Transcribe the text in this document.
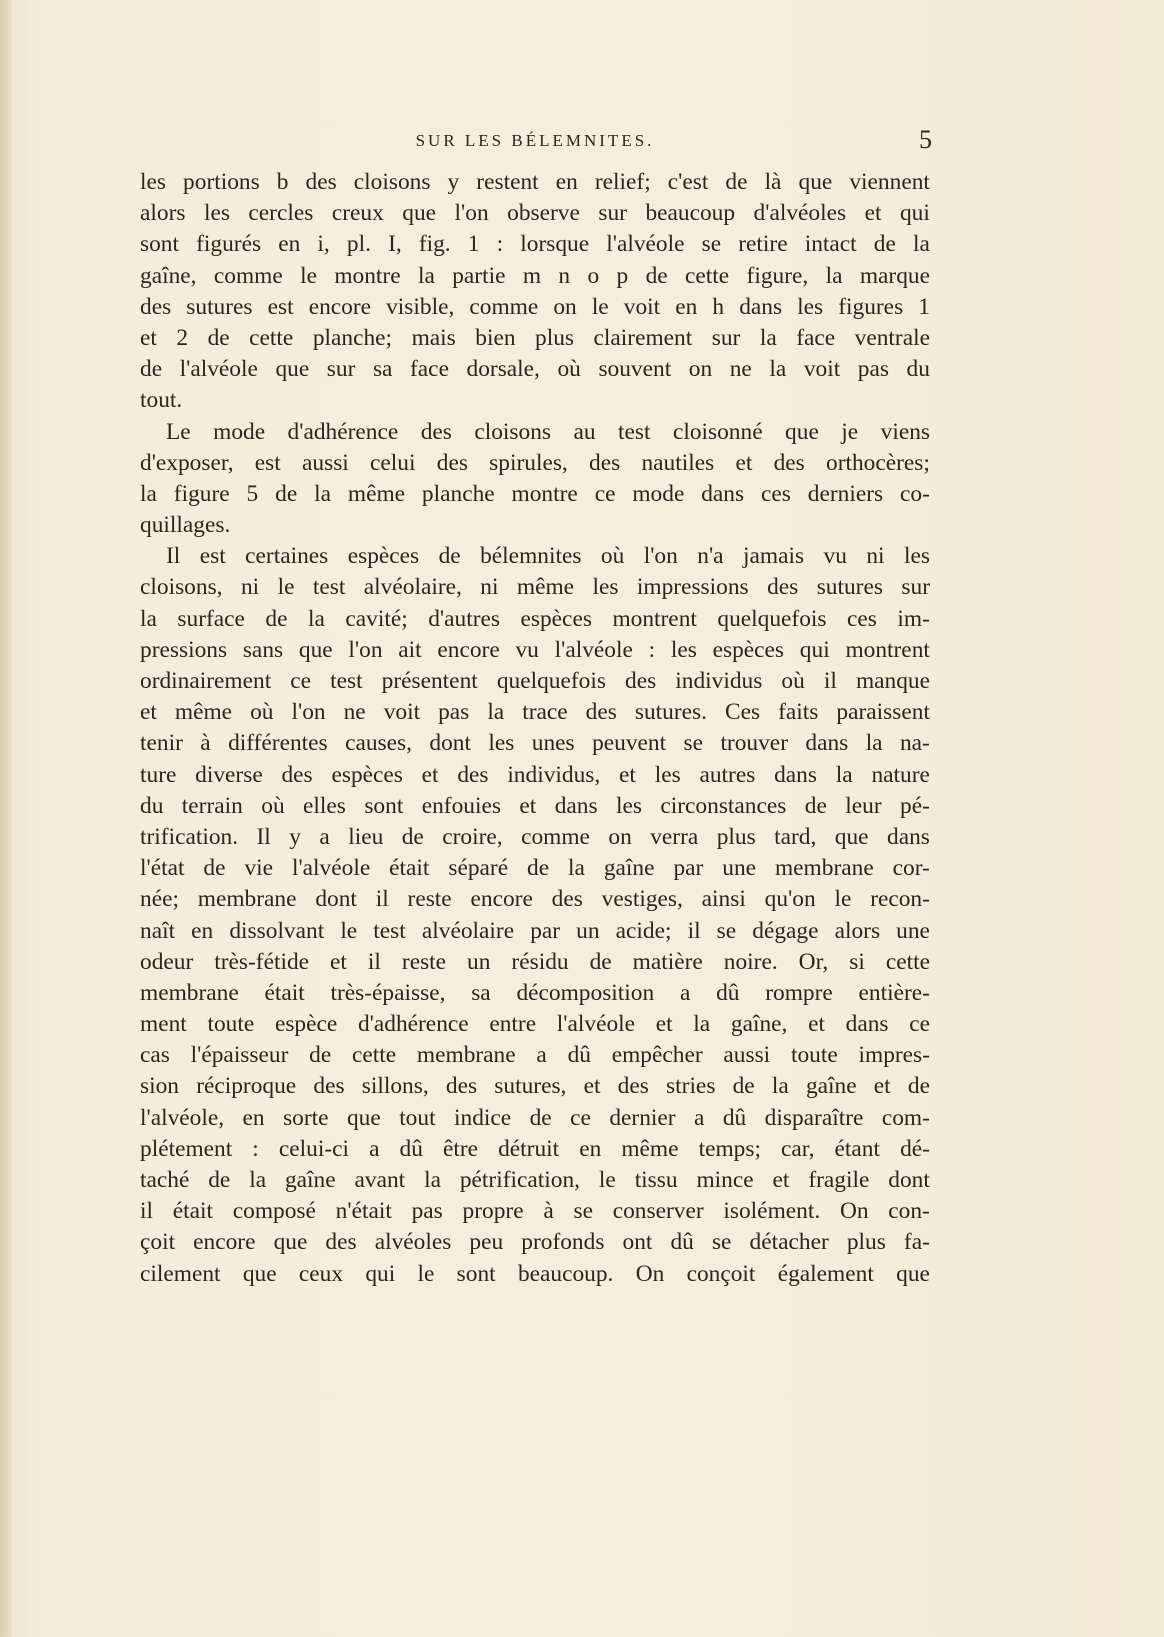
SUR LES BÉLEMNITES.	5
les portions b des cloisons y restent en relief; c'est de là que viennent
alors les cercles creux que l'on observe sur beaucoup d'alvéoles et qui
sont figurés en i, pl. I, fig. 1 : lorsque l'alvéole se retire intact de la
gaîne, comme le montre la partie m n o p de cette figure, la marque
des sutures est encore visible, comme on le voit en h dans les figures 1
et 2 de cette planche; mais bien plus clairement sur la face ventrale
de l'alvéole que sur sa face dorsale, où souvent on ne la voit pas du
tout.
Le mode d'adhérence des cloisons au test cloisonné que je viens
d'exposer, est aussi celui des spirules, des nautiles et des orthocères;
la figure 5 de la même planche montre ce mode dans ces derniers co-
quillages.
Il est certaines espèces de bélemnites où l'on n'a jamais vu ni les
cloisons, ni le test alvéolaire, ni même les impressions des sutures sur
la surface de la cavité; d'autres espèces montrent quelquefois ces im-
pressions sans que l'on ait encore vu l'alvéole : les espèces qui montrent
ordinairement ce test présentent quelquefois des individus où il manque
et même où l'on ne voit pas la trace des sutures. Ces faits paraissent
tenir à différentes causes, dont les unes peuvent se trouver dans la na-
ture diverse des espèces et des individus, et les autres dans la nature
du terrain où elles sont enfouies et dans les circonstances de leur pé-
trification. Il y a lieu de croire, comme on verra plus tard, que dans
l'état de vie l'alvéole était séparé de la gaîne par une membrane cor-
née; membrane dont il reste encore des vestiges, ainsi qu'on le recon-
naît en dissolvant le test alvéolaire par un acide; il se dégage alors une
odeur très-fétide et il reste un résidu de matière noire. Or, si cette
membrane était très-épaisse, sa décomposition a dû rompre entière-
ment toute espèce d'adhérence entre l'alvéole et la gaîne, et dans ce
cas l'épaisseur de cette membrane a dû empêcher aussi toute impres-
sion réciproque des sillons, des sutures, et des stries de la gaîne et de
l'alvéole, en sorte que tout indice de ce dernier a dû disparaître com-
plétement : celui-ci a dû être détruit en même temps; car, étant dé-
taché de la gaîne avant la pétrification, le tissu mince et fragile dont
il était composé n'était pas propre à se conserver isolément. On con-
çoit encore que des alvéoles peu profonds ont dû se détacher plus fa-
cilement que ceux qui le sont beaucoup. On conçoit également que
